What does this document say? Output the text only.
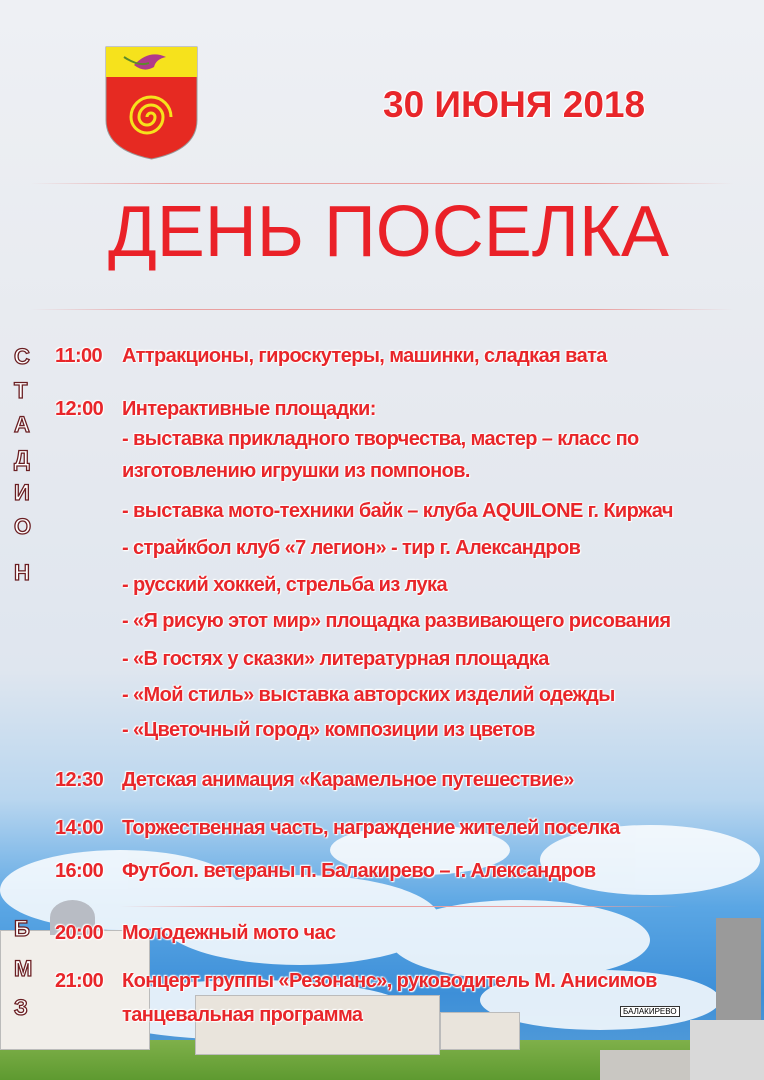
БАЛАКИРЕВО
30 ИЮНЯ 2018
ДЕНЬ ПОСЕЛКА
С
Т
А
Д
И
О
Н
Б
М
З
11:00 Аттракционы, гироскутеры, машинки, сладкая вата
12:00 Интерактивные площадки:
- выставка прикладного творчества, мастер – класс по
изготовлению игрушки из помпонов.
- выставка мото-техники байк – клуба AQUILONE г. Киржач
- страйкбол клуб «7 легион» - тир г. Александров
- русский хоккей, стрельба из лука
- «Я рисую этот мир» площадка развивающего рисования
- «В гостях у сказки» литературная площадка
- «Мой стиль» выставка авторских изделий одежды
- «Цветочный город» композиции из цветов
12:30 Детская анимация «Карамельное путешествие»
14:00 Торжественная часть, награждение жителей поселка
16:00 Футбол. ветераны п. Балакирево – г. Александров
20:00 Молодежный мото час
21:00 Концерт группы «Резонанс», руководитель М. Анисимов
танцевальная программа
